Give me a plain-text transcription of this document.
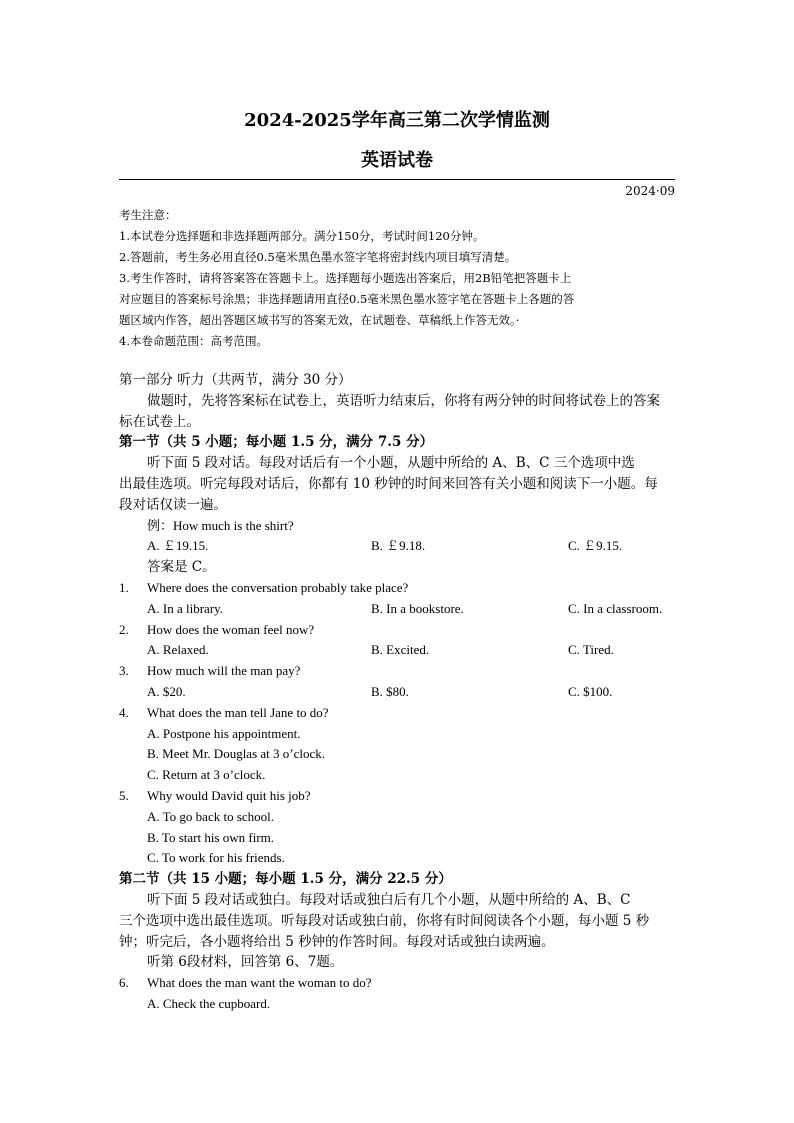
2024-2025学年高三第二次学情监测
英语试卷
2024·09
考生注意：
1.本试卷分选择题和非选择题两部分。满分150分，考试时间120分钟。
2.答题前，考生务必用直径0.5毫米黑色墨水签字笔将密封线内项目填写清楚。
3.考生作答时，请将答案答在答题卡上。选择题每小题选出答案后，用2B铅笔把答题卡上
对应题目的答案标号涂黑；非选择题请用直径0.5毫米黑色墨水签字笔在答题卡上各题的答
题区域内作答，超出答题区域书写的答案无效，在试题卷、草稿纸上作答无效。·
4.本卷命题范围：高考范围。
第一部分 听力（共两节，满分 30 分）
做题时，先将答案标在试卷上，英语听力结束后，你将有两分钟的时间将试卷上的答案
标在试卷上。
第一节（共 5 小题；每小题 1.5 分，满分 7.5 分）
听下面 5 段对话。每段对话后有一个小题，从题中所给的 A、B、C 三个选项中选
出最佳选项。听完每段对话后，你都有 10 秒钟的时间来回答有关小题和阅读下一小题。每
段对话仅读一遍。
例：How much is the shirt?
A. ￡19.15.	B. ￡9.18.	C. ￡9.15.
答案是 C。
1. Where does the conversation probably take place?
A. In a library.	B. In a bookstore.	C. In a classroom.
2. How does the woman feel now?
A. Relaxed.	B. Excited.	C. Tired.
3. How much will the man pay?
A. $20.	B. $80.	C. $100.
4. What does the man tell Jane to do?
A. Postpone his appointment.
B. Meet Mr. Douglas at 3 o’clock.
C. Return at 3 o’clock.
5. Why would David quit his job?
A. To go back to school.
B. To start his own firm.
C. To work for his friends.
第二节（共 15 小题；每小题 1.5 分，满分 22.5 分）
听下面 5 段对话或独白。每段对话或独白后有几个小题，从题中所给的 A、B、C
三个选项中选出最佳选项。听每段对话或独白前，你将有时间阅读各个小题，每小题 5 秒
钟；听完后，各小题将给出 5 秒钟的作答时间。每段对话或独白读两遍。
听第 6段材料，回答第 6、7题。
6. What does the man want the woman to do?
A. Check the cupboard.
